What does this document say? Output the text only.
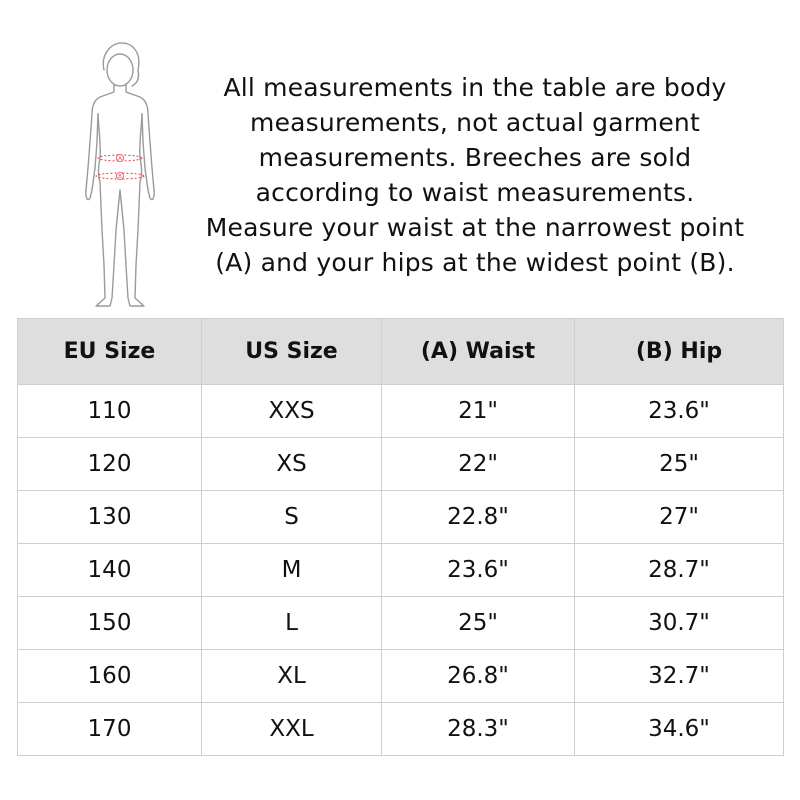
A
B
All measurements in the table are body
measurements, not actual garment
measurements. Breeches are sold
according to waist measurements.
Measure your waist at the narrowest point
(A) and your hips at the widest point (B).
EU Size	US Size	(A) Waist	(B) Hip
110	XXS	21"	23.6"
120	XS	22"	25"
130	S	22.8"	27"
140	M	23.6"	28.7"
150	L	25"	30.7"
160	XL	26.8"	32.7"
170	XXL	28.3"	34.6"
